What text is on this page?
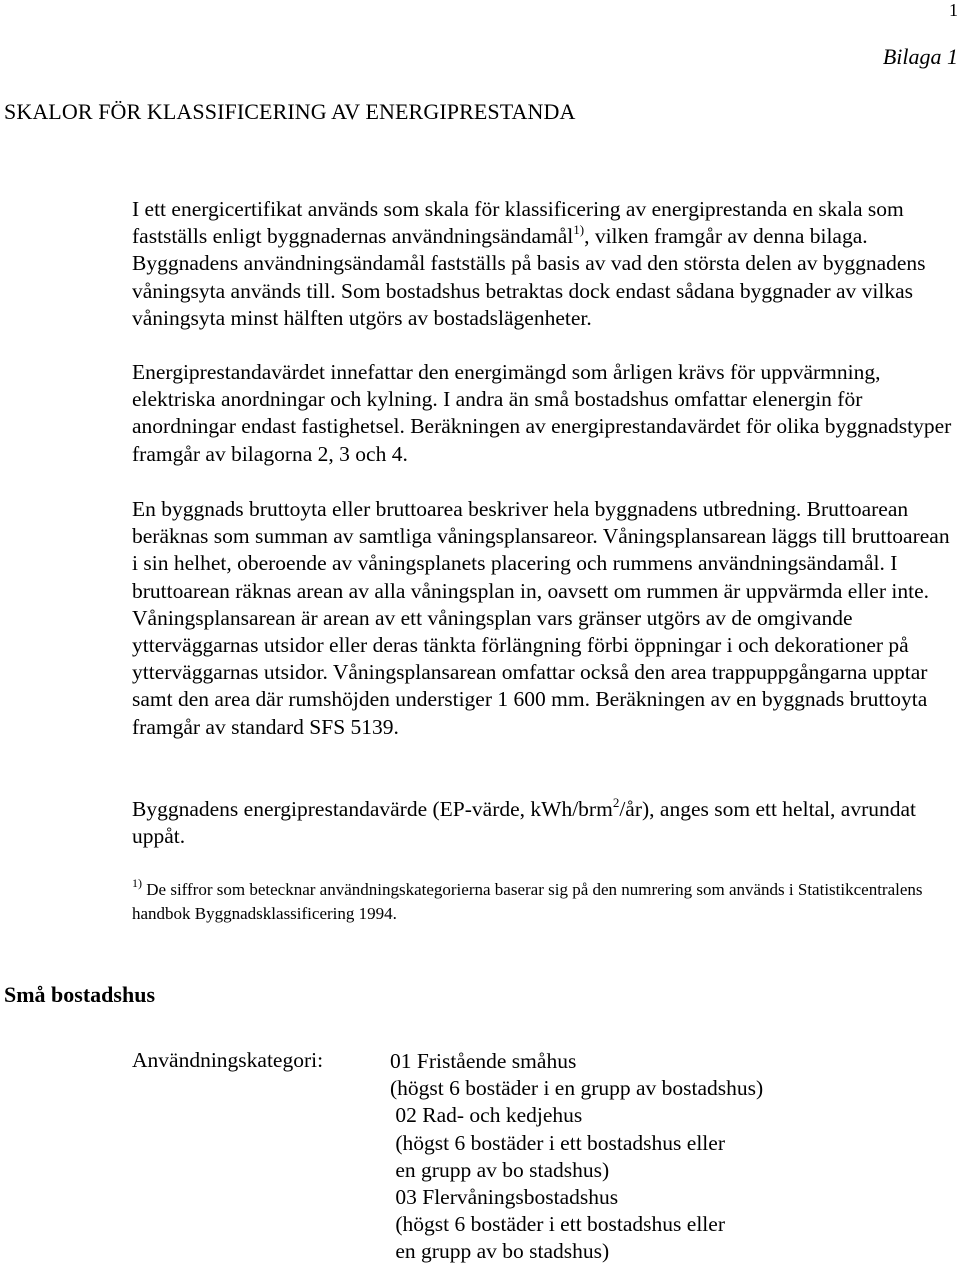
1
Bilaga 1
SKALOR FÖR KLASSIFICERING AV ENERGIPRESTANDA

I ett energicertifikat används som skala för klassificering av energiprestanda en skala som fastställs enligt byggnadernas användningsändamål$^{1)}$, vilken framgår av denna bilaga. Byggnadens användningsändamål fastställs på basis av vad den största delen av byggnadens våningsyta används till. Som bostadshus betraktas dock endast sådana byggnader av vilkas våningsyta minst hälften utgörs av bostadslägenheter.

Energiprestandavärdet innefattar den energimängd som årligen krävs för uppvärmning, elektriska anordningar och kylning. I andra än små bostadshus omfattar elenergin för anordningar endast fastighetsel. Beräkningen av energiprestandavärdet för olika byggnadstyper framgår av bilagorna 2, 3 och 4.

En byggnads bruttoyta eller bruttoarea beskriver hela byggnadens utbredning. Bruttoarean beräknas som summan av samtliga våningsplansareor. Våningsplansarean läggs till bruttoarean i sin helhet, oberoende av våningsplanets placering och rummens användningsändamål. I bruttoarean räknas arean av alla våningsplan in, oavsett om rummen är uppvärmda eller inte. Våningsplansarean är arean av ett våningsplan vars gränser utgörs av de omgivande ytterväggarnas utsidor eller deras tänkta förlängning förbi öppningar i och dekorationer på ytterväggarnas utsidor. Våningsplansarean omfattar också den area trappuppgångarna upptar samt den area där rumshöjden understiger 1 600 mm. Beräkningen av en byggnads bruttoyta framgår av standard SFS 5139.

Byggnadens energiprestandavärde (EP-värde, kWh/brm$^2$/år), anges som ett heltal, avrundat uppåt.

$^{1)}$ De siffror som betecknar användningskategorierna baserar sig på den numrering som används i Statistikcentralens handbok Byggnadsklassificering 1994.

Små bostadshus
Användningskategori:	01 Fristående småhus
(högst 6 bostäder i en grupp av bostadshus)
02 Rad- och kedjehus
(högst 6 bostäder i ett bostadshus eller
en grupp av bo stadshus)
03 Flervåningsbostadshus
(högst 6 bostäder i ett bostadshus eller
en grupp av bo stadshus)
